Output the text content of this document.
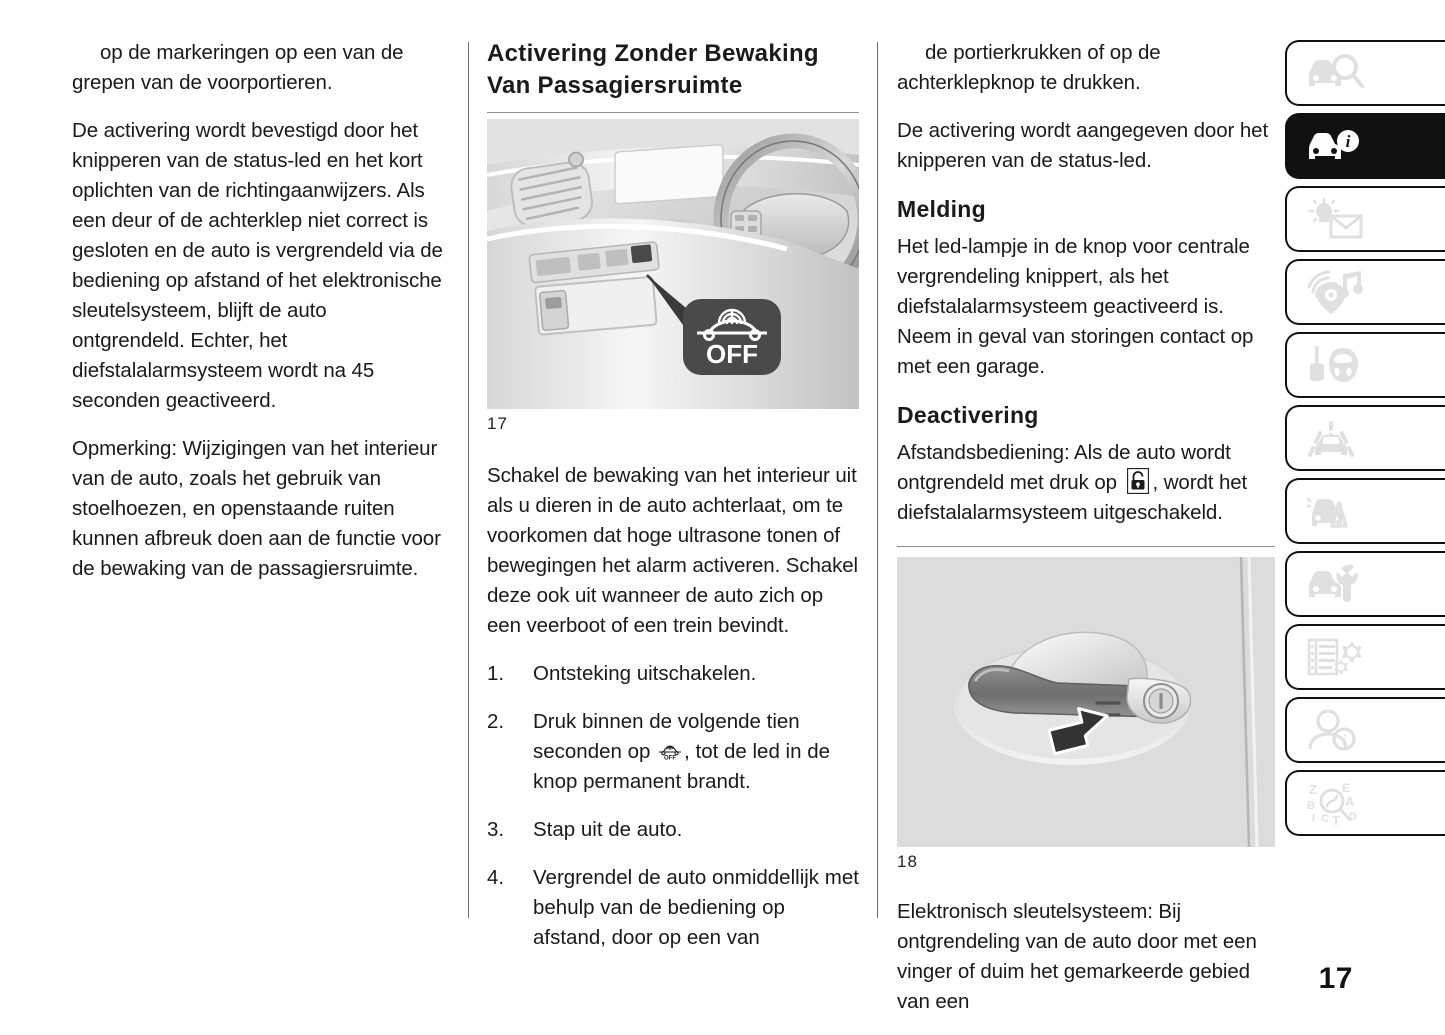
op de markeringen op een van de grepen van de voorportieren.

De activering wordt bevestigd door het knipperen van de status-led en het kort oplichten van de richtingaanwijzers. Als een deur of de achterklep niet correct is gesloten en de auto is vergrendeld via de bediening op afstand of het elektronische sleutelsysteem, blijft de auto ontgrendeld. Echter, het diefstalalarmsysteem wordt na 45 seconden geactiveerd.

Opmerking: Wijzigingen van het interieur van de auto, zoals het gebruik van stoelhoezen, en openstaande ruiten kunnen afbreuk doen aan de functie voor de bewaking van de passagiersruimte.

Activering Zonder Bewaking Van Passagiersruimte
OFF
17

Schakel de bewaking van het interieur uit als u dieren in de auto achterlaat, om te voorkomen dat hoge ultrasone tonen of bewegingen het alarm activeren. Schakel deze ook uit wanneer de auto zich op een veerboot of een trein bevindt.

1.	Ontsteking uitschakelen.
2.	Druk binnen de volgende tien seconden op OFF , tot de led in de knop permanent brandt.
3.	Stap uit de auto.
4.	Vergrendel de auto onmiddellijk met behulp van de bediening op afstand, door op een van

de portierkrukken of op de achterklepknop te drukken.

De activering wordt aangegeven door het knipperen van de status-led.

Melding

Het led-lampje in de knop voor centrale vergrendeling knippert, als het diefstalalarmsysteem geactiveerd is. Neem in geval van storingen contact op met een garage.

Deactivering

Afstandsbediening: Als de auto wordt ontgrendeld met druk op , wordt het diefstalalarmsysteem uitgeschakeld.

18

Elektronisch sleutelsysteem: Bij ontgrendeling van de auto door met een vinger of duim het gemarkeerde gebied van een

i
i
Z
B
I C T
E
A
D
17
